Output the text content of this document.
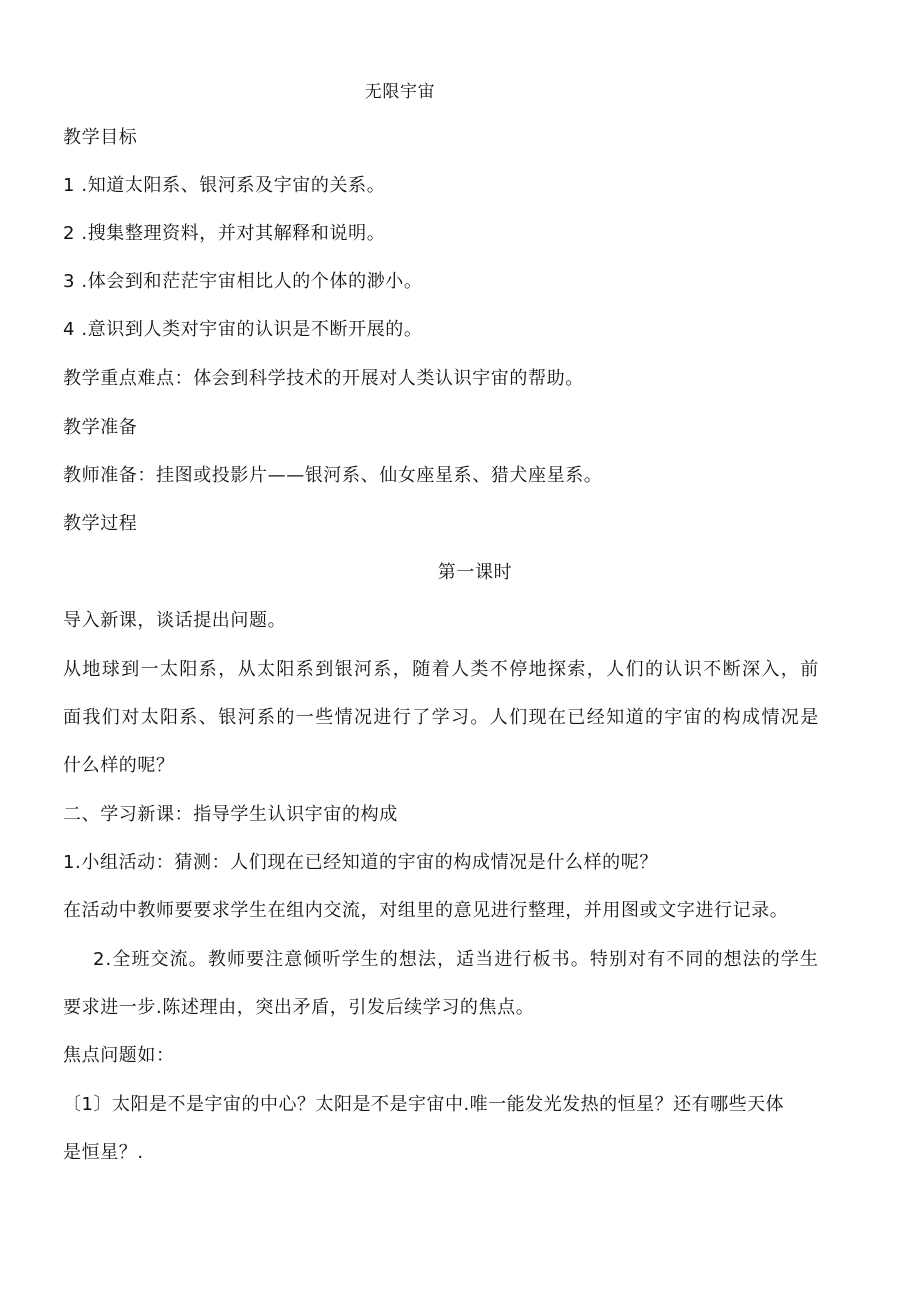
无限宇宙
教学目标
1 .知道太阳系、银河系及宇宙的关系。
2 .搜集整理资料，并对其解释和说明。
3 .体会到和茫茫宇宙相比人的个体的渺小。
4 .意识到人类对宇宙的认识是不断开展的。
教学重点难点：体会到科学技术的开展对人类认识宇宙的帮助。
教学准备
教师准备：挂图或投影片——银河系、仙女座星系、猎犬座星系。
教学过程
第一课时
导入新课，谈话提出问题。
从地球到一太阳系，从太阳系到银河系，随着人类不停地探索，人们的认识不断深入，前
面我们对太阳系、银河系的一些情况进行了学习。人们现在已经知道的宇宙的构成情况是
什么样的呢？
二、学习新课：指导学生认识宇宙的构成
1.小组活动：猜测：人们现在已经知道的宇宙的构成情况是什么样的呢？
在活动中教师要要求学生在组内交流，对组里的意见进行整理，并用图或文字进行记录。
2.全班交流。教师要注意倾听学生的想法，适当进行板书。特别对有不同的想法的学生
要求进一步.陈述理由，突出矛盾，引发后续学习的焦点。
焦点问题如：
〔1〕太阳是不是宇宙的中心？太阳是不是宇宙中.唯一能发光发热的恒星？还有哪些天体
是恒星？.
